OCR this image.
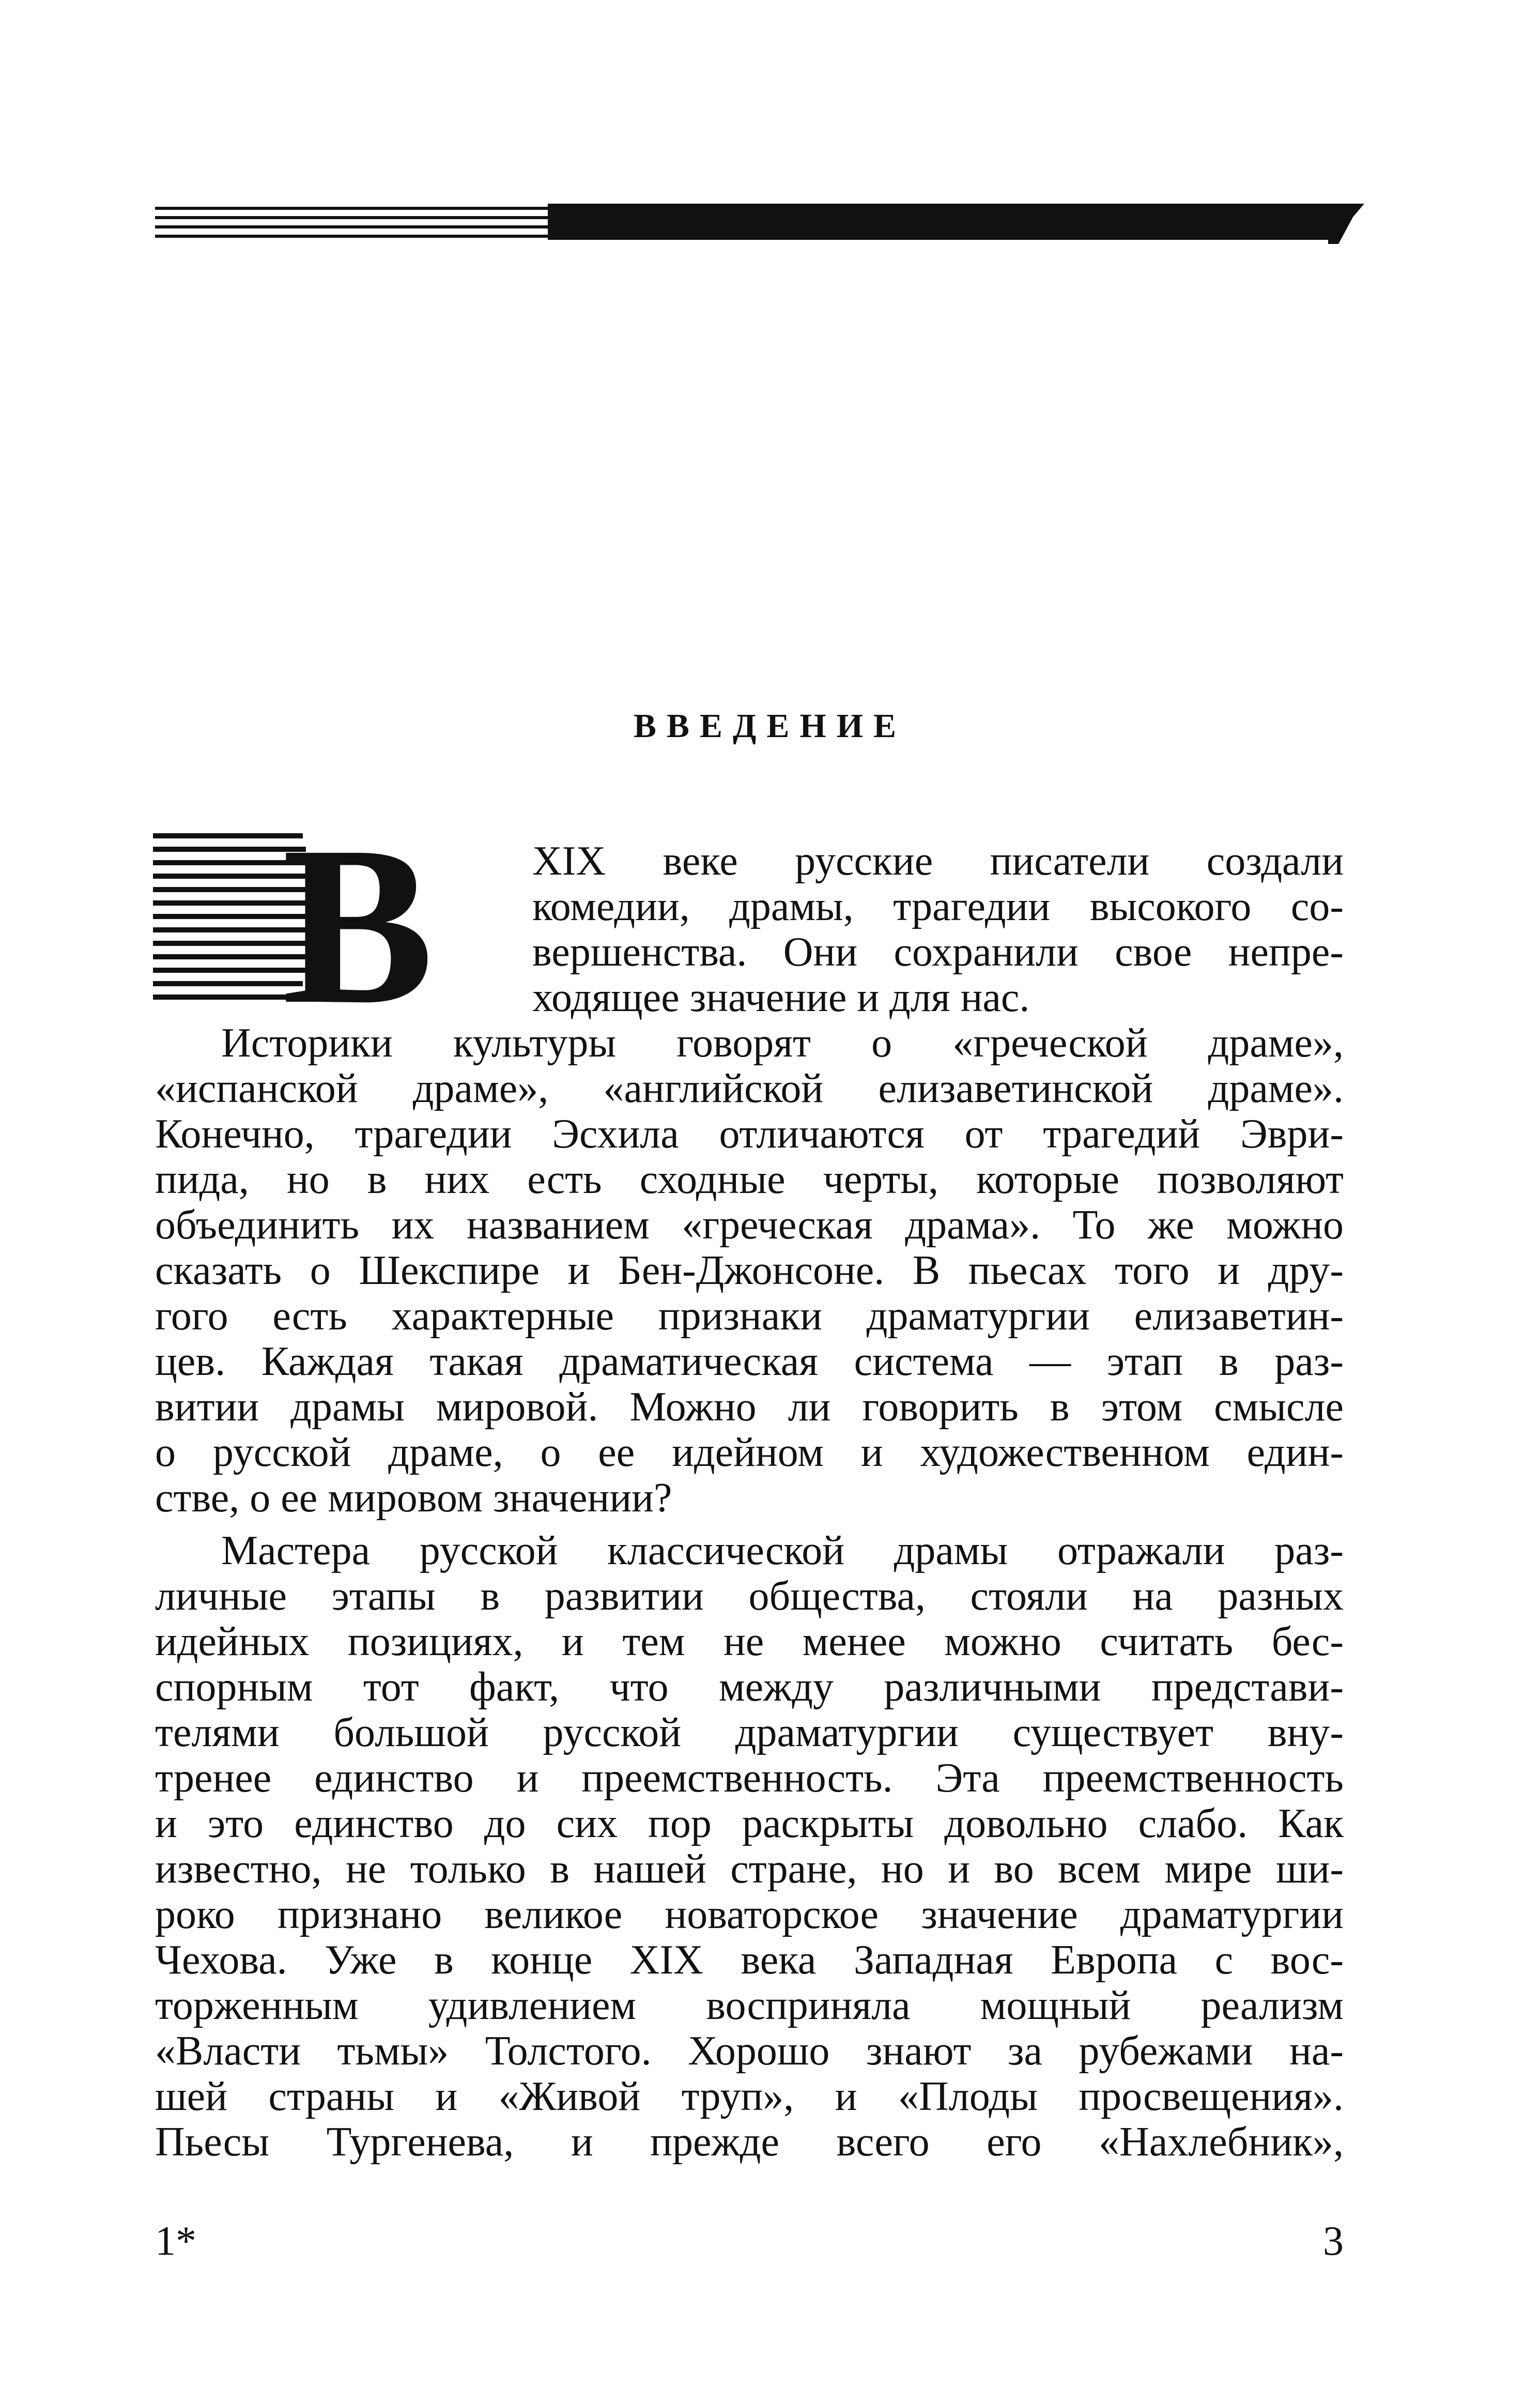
ВВЕДЕНИЕ
В XIX веке русские писатели создали
комедии, драмы, трагедии высокого со-
вершенства. Они сохранили свое непре-
ходящее значение и для нас.
Историки культуры говорят о «греческой драме»,
«испанской драме», «английской елизаветинской драме».
Конечно, трагедии Эсхила отличаются от трагедий Эври-
пида, но в них есть сходные черты, которые позволяют
объединить их названием «греческая драма». То же можно
сказать о Шекспире и Бен-Джонсоне. В пьесах того и дру-
гого есть характерные признаки драматургии елизаветин-
цев. Каждая такая драматическая система — этап в раз-
витии драмы мировой. Можно ли говорить в этом смысле
о русской драме, о ее идейном и художественном един-
стве, о ее мировом значении?
Мастера русской классической драмы отражали раз-
личные этапы в развитии общества, стояли на разных
идейных позициях, и тем не менее можно считать бес-
спорным тот факт, что между различными представи-
телями большой русской драматургии существует вну-
тренее единство и преемственность. Эта преемственность
и это единство до сих пор раскрыты довольно слабо. Как
известно, не только в нашей стране, но и во всем мире ши-
роко признано великое новаторское значение драматургии
Чехова. Уже в конце XIX века Западная Европа с вос-
торженным удивлением восприняла мощный реализм
«Власти тьмы» Толстого. Хорошо знают за рубежами на-
шей страны и «Живой труп», и «Плоды просвещения».
Пьесы Тургенева, и прежде всего его «Нахлебник»,
1*	3
